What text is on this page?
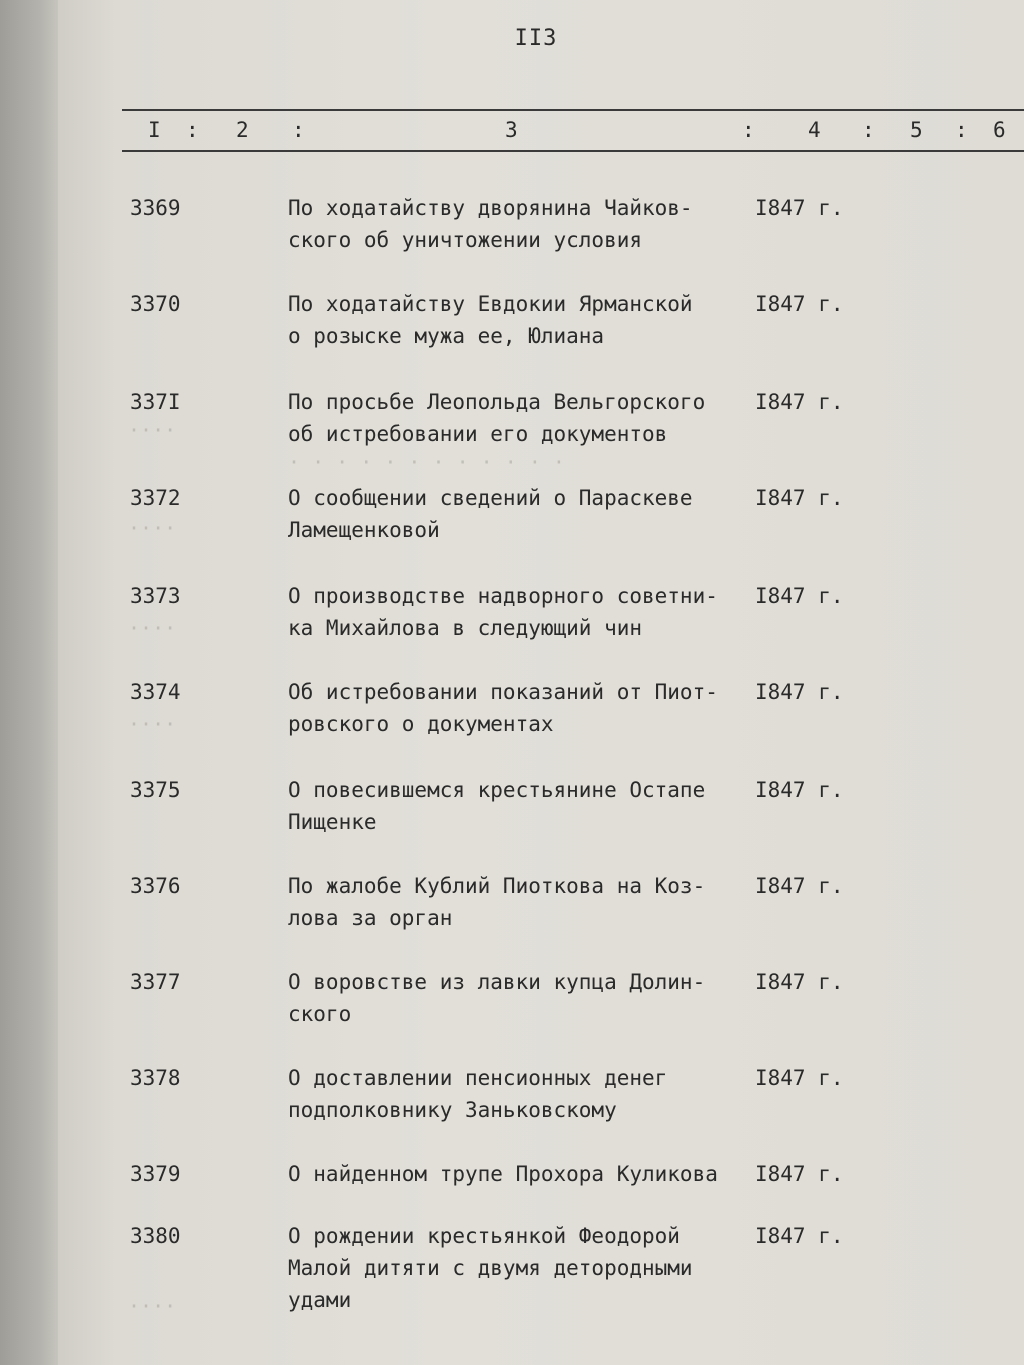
····
· · · · · · · · · · · ·
····
····
····
····
II3
I : 2 :	3	:	4 : 5 : 6
3369	По ходатайству дворянина Чайков-
ского об уничтожении условия
I847 г.
3370	По ходатайству Евдокии Ярманской
о розыске мужа ее, Юлиана
I847 г.
337I	По просьбе Леопольда Вельгорского
об истребовании его документов
I847 г.
3372	О сообщении сведений о Параскеве
Ламещенковой
I847 г.
3373	О производстве надворного советни-
ка Михайлова в следующий чин
I847 г.
3374	Об истребовании показаний от Пиот-
ровского о документах
I847 г.
3375	О повесившемся крестьянине Остапе
Пищенке
I847 г.
3376	По жалобе Кублий Пиоткова на Коз-
лова за орган
I847 г.
3377	О воровстве из лавки купца Долин-
ского
I847 г.
3378	О доставлении пенсионных денег
подполковнику Заньковскому
I847 г.
3379	О найденном трупе Прохора Куликова	I847 г.
3380	О рождении крестьянкой Феодорой
Малой дитяти с двумя детородными
удами
I847 г.
